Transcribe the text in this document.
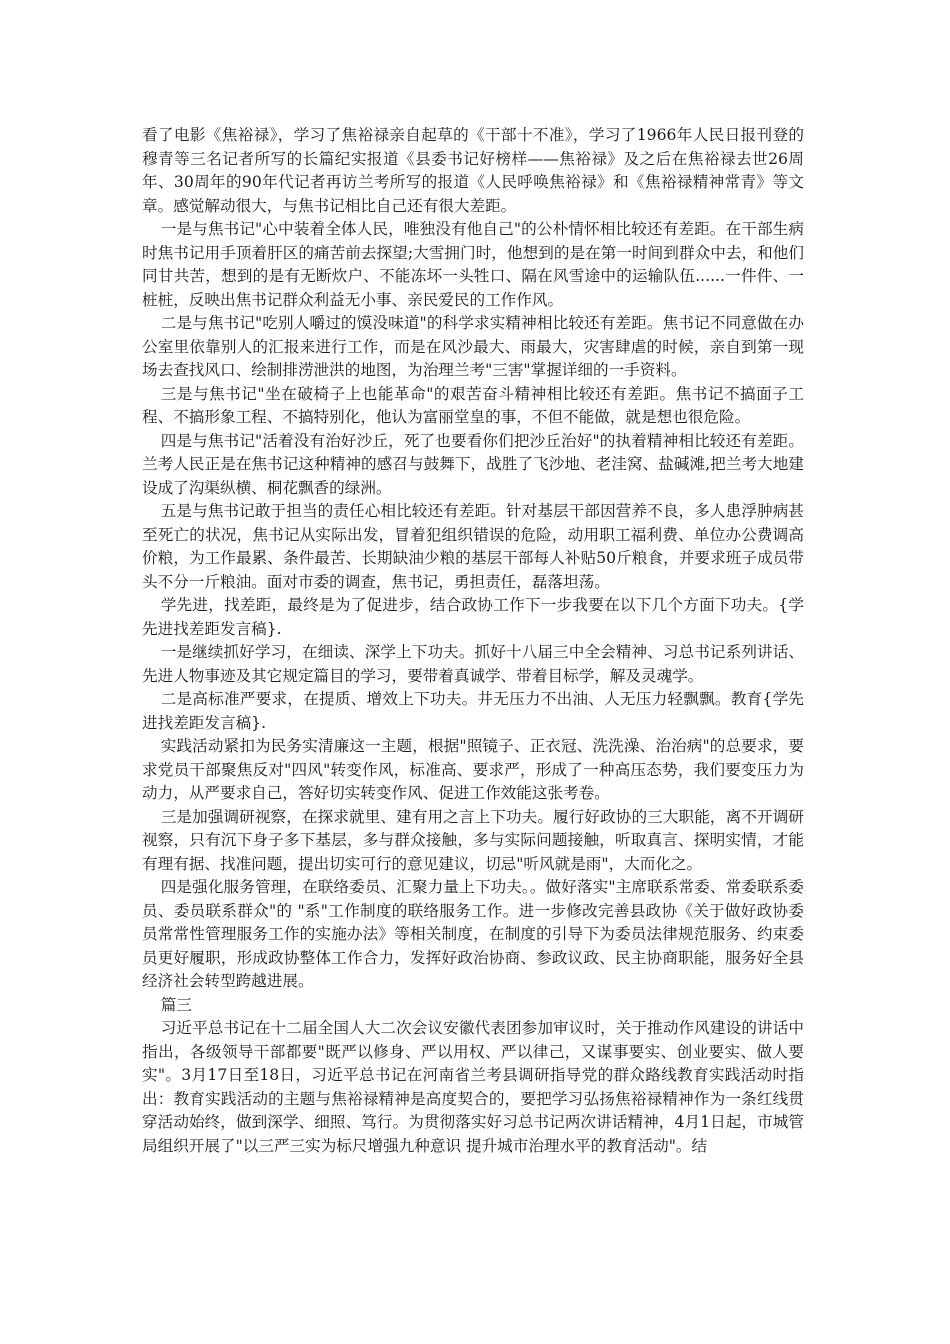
看了电影《焦裕禄》，学习了焦裕禄亲自起草的《干部十不准》，学习了1966年人民日报刊登的穆青等三名记者所写的长篇纪实报道《县委书记好榜样——焦裕禄》及之后在焦裕禄去世26周年、30周年的90年代记者再访兰考所写的报道《人民呼唤焦裕禄》和《焦裕禄精神常青》等文章。感觉解动很大，与焦书记相比自己还有很大差距。

一是与焦书记"心中装着全体人民，唯独没有他自己"的公朴情怀相比较还有差距。在干部生病时焦书记用手顶着肝区的痛苦前去探望;大雪拥门时，他想到的是在第一时间到群众中去，和他们同甘共苦，想到的是有无断炊户、不能冻坏一头牲口、隔在风雪途中的运输队伍......一件件、一桩桩，反映出焦书记群众利益无小事、亲民爱民的工作作风。

二是与焦书记"吃别人嚼过的馍没味道"的科学求实精神相比较还有差距。焦书记不同意做在办公室里依靠别人的汇报来进行工作，而是在风沙最大、雨最大，灾害肆虐的时候，亲自到第一现场去查找风口、绘制排涝泄洪的地图，为治理兰考"三害"掌握详细的一手资料。

三是与焦书记"坐在破椅子上也能革命"的艰苦奋斗精神相比较还有差距。焦书记不搞面子工程、不搞形象工程、不搞特别化，他认为富丽堂皇的事，不但不能做，就是想也很危险。

四是与焦书记"活着没有治好沙丘，死了也要看你们把沙丘治好"的执着精神相比较还有差距。兰考人民正是在焦书记这种精神的感召与鼓舞下，战胜了飞沙地、老洼窝、盐碱滩,把兰考大地建设成了沟渠纵横、桐花飘香的绿洲。

五是与焦书记敢于担当的责任心相比较还有差距。针对基层干部因营养不良，多人患浮肿病甚至死亡的状况，焦书记从实际出发，冒着犯组织错误的危险，动用职工福利费、单位办公费调高价粮，为工作最累、条件最苦、长期缺油少粮的基层干部每人补贴50斤粮食，并要求班子成员带头不分一斤粮油。面对市委的调查，焦书记，勇担责任，磊落坦荡。

学先进，找差距，最终是为了促进步，结合政协工作下一步我要在以下几个方面下功夫。{学先进找差距发言稿}.

一是继续抓好学习，在细读、深学上下功夫。抓好十八届三中全会精神、习总书记系列讲话、先进人物事迹及其它规定篇目的学习，要带着真诚学、带着目标学，解及灵魂学。

二是高标准严要求，在提质、增效上下功夫。井无压力不出油、人无压力轻飘飘。教育{学先进找差距发言稿}.

实践活动紧扣为民务实清廉这一主题，根据"照镜子、正衣冠、洗洗澡、治治病"的总要求，要求党员干部聚焦反对"四风"转变作风，标准高、要求严，形成了一种高压态势，我们要变压力为动力，从严要求自己，答好切实转变作风、促进工作效能这张考卷。

三是加强调研视察，在探求就里、建有用之言上下功夫。履行好政协的三大职能，离不开调研视察，只有沉下身子多下基层，多与群众接触，多与实际问题接触，听取真言、探明实情，才能有理有据、找准问题，提出切实可行的意见建议，切忌"听风就是雨"，大而化之。

四是强化服务管理，在联络委员、汇聚力量上下功夫。。做好落实"主席联系常委、常委联系委员、委员联系群众"的 "系"工作制度的联络服务工作。进一步修改完善县政协《关于做好政协委员常常性管理服务工作的实施办法》等相关制度，在制度的引导下为委员法律规范服务、约束委员更好履职，形成政协整体工作合力，发挥好政治协商、参政议政、民主协商职能，服务好全县经济社会转型跨越进展。

篇三

习近平总书记在十二届全国人大二次会议安徽代表团参加审议时，关于推动作风建设的讲话中指出，各级领导干部都要"既严以修身、严以用权、严以律己，又谋事要实、创业要实、做人要实"。3月17日至18日，习近平总书记在河南省兰考县调研指导党的群众路线教育实践活动时指出：教育实践活动的主题与焦裕禄精神是高度契合的，要把学习弘扬焦裕禄精神作为一条红线贯穿活动始终，做到深学、细照、笃行。为贯彻落实好习总书记两次讲话精神，4月1日起，市城管局组织开展了"以三严三实为标尺增强九种意识 提升城市治理水平的教育活动"。结
